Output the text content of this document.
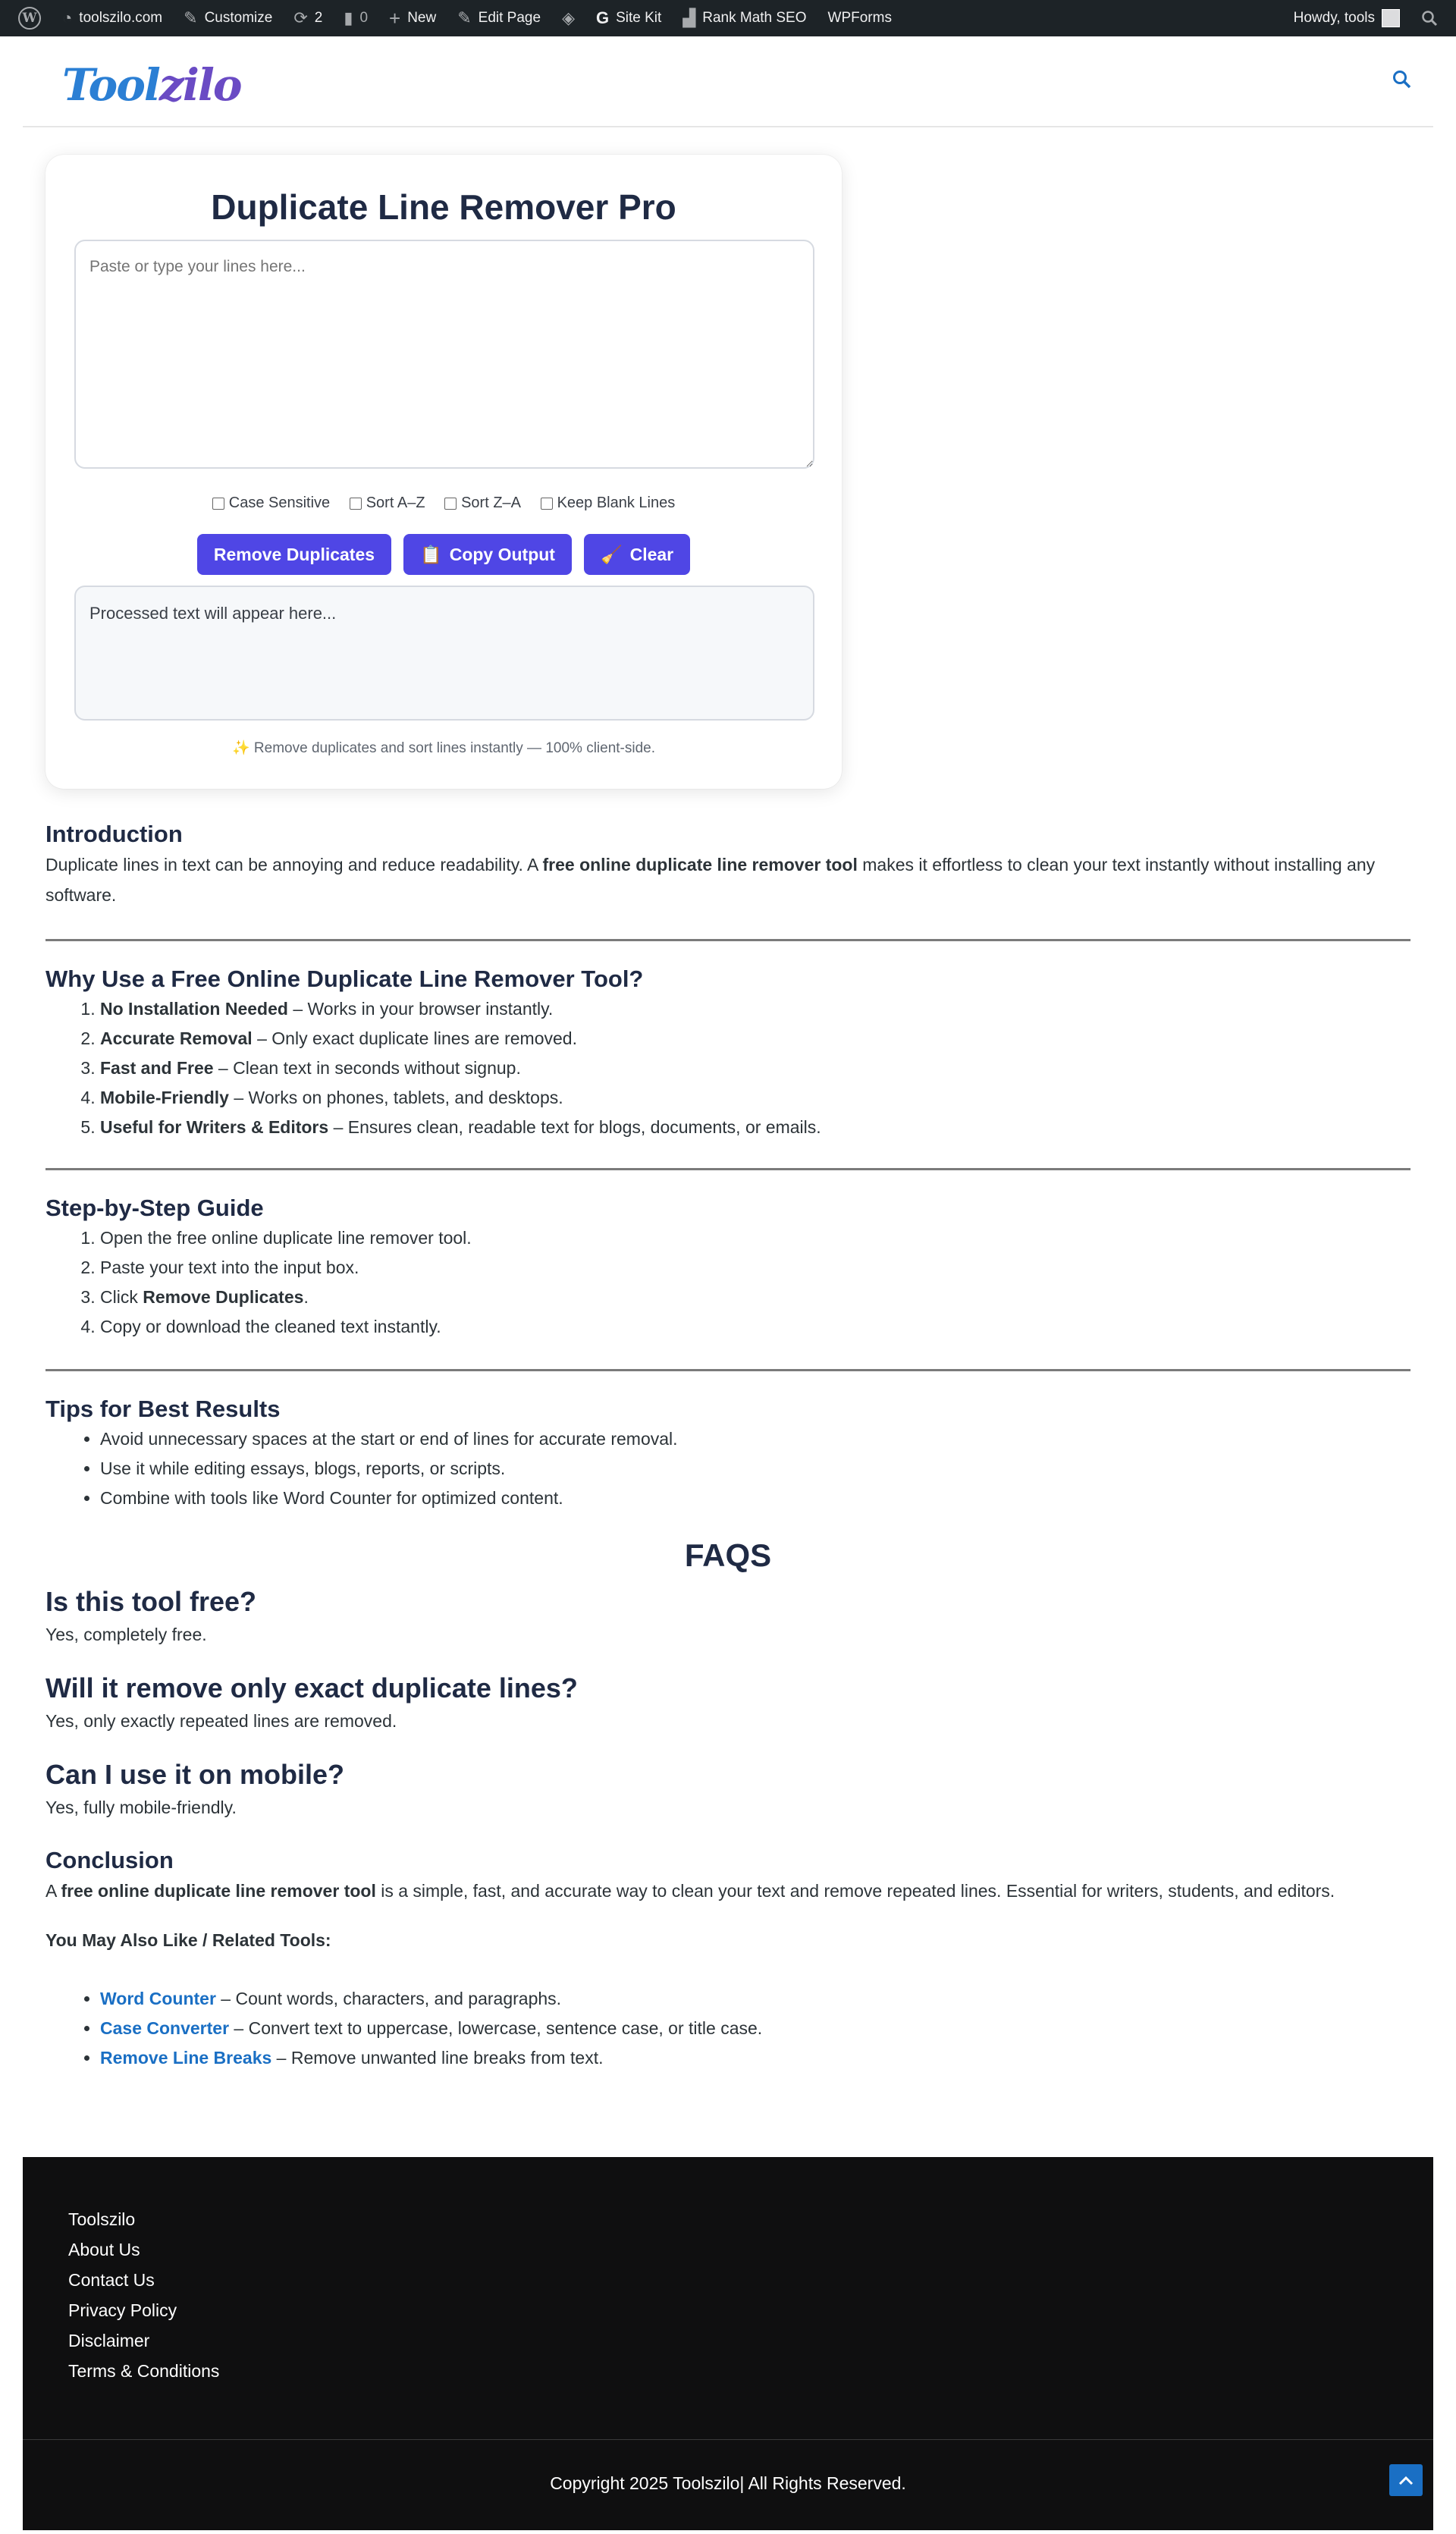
W ◔ toolszilo.com ✎ Customize ⟳ 2 ▮ 0 + New ✎ Edit Page ◈ G Site Kit ▟ Rank Math SEO WPForms	Howdy, tools
Toolzilo
Duplicate Line Remover Pro
Paste or type your lines here...
Case Sensitive
Sort A–Z
Sort Z–A
Keep Blank Lines
Remove Duplicates	📋 Copy Output	🧹 Clear
Processed text will appear here...
✨ Remove duplicates and sort lines instantly — 100% client-side.
Introduction

Duplicate lines in text can be annoying and reduce readability. A free online duplicate line remover tool makes it effortless to clean your text instantly without installing any software.

Why Use a Free Online Duplicate Line Remover Tool?
1. No Installation Needed – Works in your browser instantly.
2. Accurate Removal – Only exact duplicate lines are removed.
3. Fast and Free – Clean text in seconds without signup.
4. Mobile-Friendly – Works on phones, tablets, and desktops.
5. Useful for Writers & Editors – Ensures clean, readable text for blogs, documents, or emails.
Step-by-Step Guide
1. Open the free online duplicate line remover tool.
2. Paste your text into the input box.
3. Click Remove Duplicates.
4. Copy or download the cleaned text instantly.
Tips for Best Results
• Avoid unnecessary spaces at the start or end of lines for accurate removal.
• Use it while editing essays, blogs, reports, or scripts.
• Combine with tools like Word Counter for optimized content.
FAQS
Is this tool free?

Yes, completely free.

Will it remove only exact duplicate lines?

Yes, only exactly repeated lines are removed.

Can I use it on mobile?

Yes, fully mobile-friendly.

Conclusion

A free online duplicate line remover tool is a simple, fast, and accurate way to clean your text and remove repeated lines. Essential for writers, students, and editors.

You May Also Like / Related Tools:
• Word Counter – Count words, characters, and paragraphs.
• Case Converter – Convert text to uppercase, lowercase, sentence case, or title case.
• Remove Line Breaks – Remove unwanted line breaks from text.
Toolszilo
About Us
Contact Us
Privacy Policy
Disclaimer
Terms & Conditions
Copyright 2025 Toolszilo| All Rights Reserved.
